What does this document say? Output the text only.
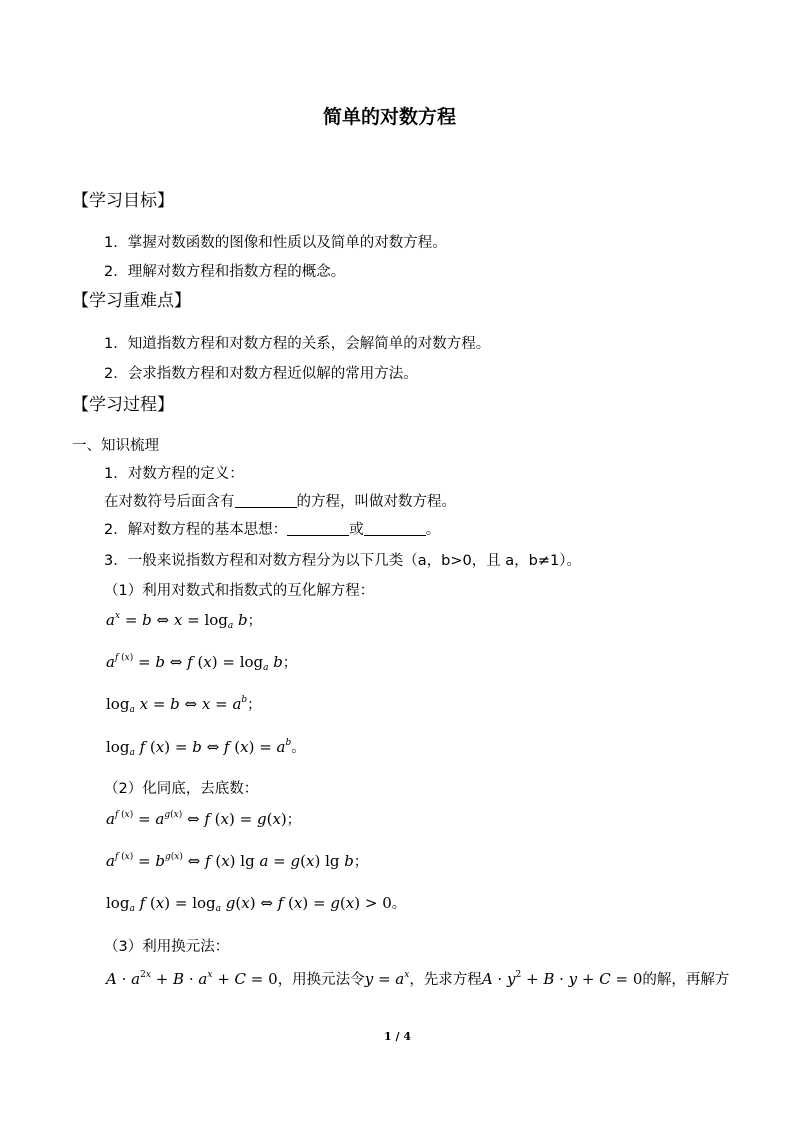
简单的对数方程
【学习目标】
1．掌握对数函数的图像和性质以及简单的对数方程。
2．理解对数方程和指数方程的概念。
【学习重难点】
1．知道指数方程和对数方程的关系，会解简单的对数方程。
2．会求指数方程和对数方程近似解的常用方法。
【学习过程】
一、知识梳理
1．对数方程的定义：
在对数符号后面含有	的方程，叫做对数方程。
2．解对数方程的基本思想：	或	。
3．一般来说指数方程和对数方程分为以下几类（a，b>0，且 a，b≠1）。
（1）利用对数式和指数式的互化解方程：
$a^x = b$ ⇔ $x = \log_a b$；
$a^{f (x)} = b$ ⇔ f $(x) = \log_a b$；
$\log_a x = b$ ⇔ $x = a^b$；
$\log_a f$ (x) = b ⇔ f $(x) = a^b$。
（2）化同底，去底数：
$a^{f (x)} = a^{g(x)}$ ⇔ f (x) = g(x)；
$a^{f (x)} = b^{g(x)}$ ⇔ f (x) lg a = g(x) lg b；
$\log_a f$ $(x) = \log_a g(x)$ ⇔ f (x) = g(x) > 0。
（3）利用换元法：
$A \cdot a^{2x} + B \cdot a^x + C = 0$，用换元法令$y = a^x$，先求方程$A \cdot y^2 + B \cdot y + C = 0$的解，再解方
1 / 4
